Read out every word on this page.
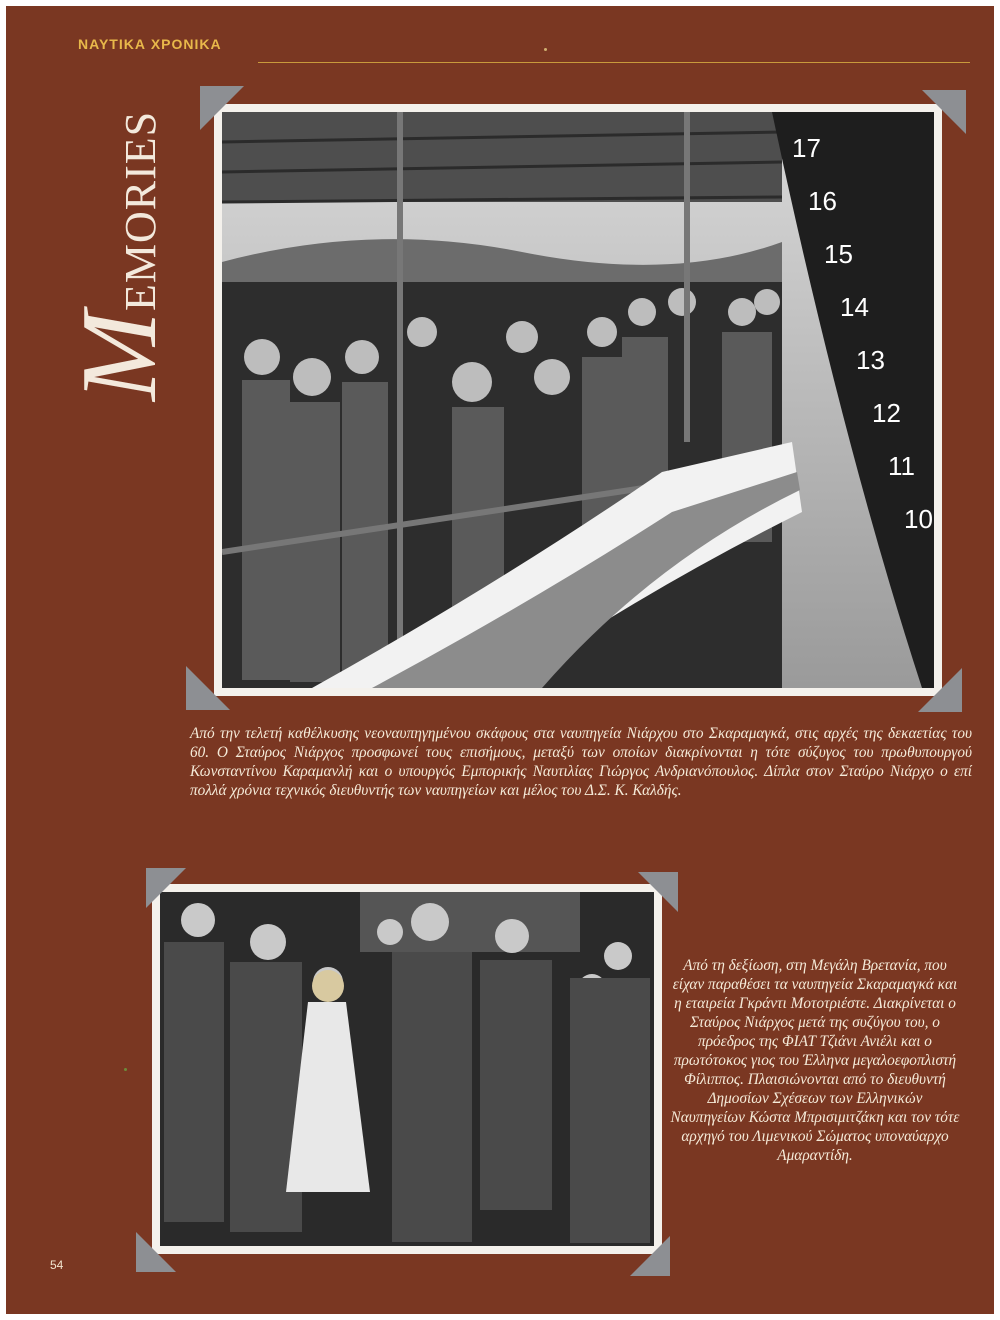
ΝΑΥΤΙΚΑ ΧΡΟΝΙΚΑ
MEMORIES	17
16
15
14
13
12
11
10
Από την τελετή καθέλκυσης νεοναυπηγημένου σκάφους στα ναυπηγεία Νιάρχου στο Σκαραμαγκά, στις αρχές της δεκαετίας του 60. Ο Σταύρος Νιάρχος προσφωνεί τους επισήμους, μεταξύ των οποίων διακρίνονται η τότε σύζυγος του πρωθυπουργού Κωνσταντίνου Καραμανλή και ο υπουργός Εμπορικής Ναυτιλίας Γιώργος Ανδριανόπουλος. Δίπλα στον Σταύρο Νιάρχο ο επί πολλά χρόνια τεχνικός διευθυντής των ναυπηγείων και μέλος του Δ.Σ. Κ. Καλδής.
Από τη δεξίωση, στη Μεγάλη Βρετανία, που είχαν παραθέσει τα ναυπηγεία Σκαραμαγκά και η εταιρεία Γκράντι Μοτοτριέστε. Διακρίνεται ο Σταύρος Νιάρχος μετά της συζύγου του, ο πρόεδρος της ΦΙΑΤ Τζιάνι Ανιέλι και ο πρωτότοκος γιος του Έλληνα μεγαλοεφοπλιστή Φίλιππος. Πλαισιώνονται από το διευθυντή Δημοσίων Σχέσεων των Ελληνικών Ναυπηγείων Κώστα Μπρισιμιτζάκη και τον τότε αρχηγό του Λιμενικού Σώματος υποναύαρχο Αμαραντίδη.
54
